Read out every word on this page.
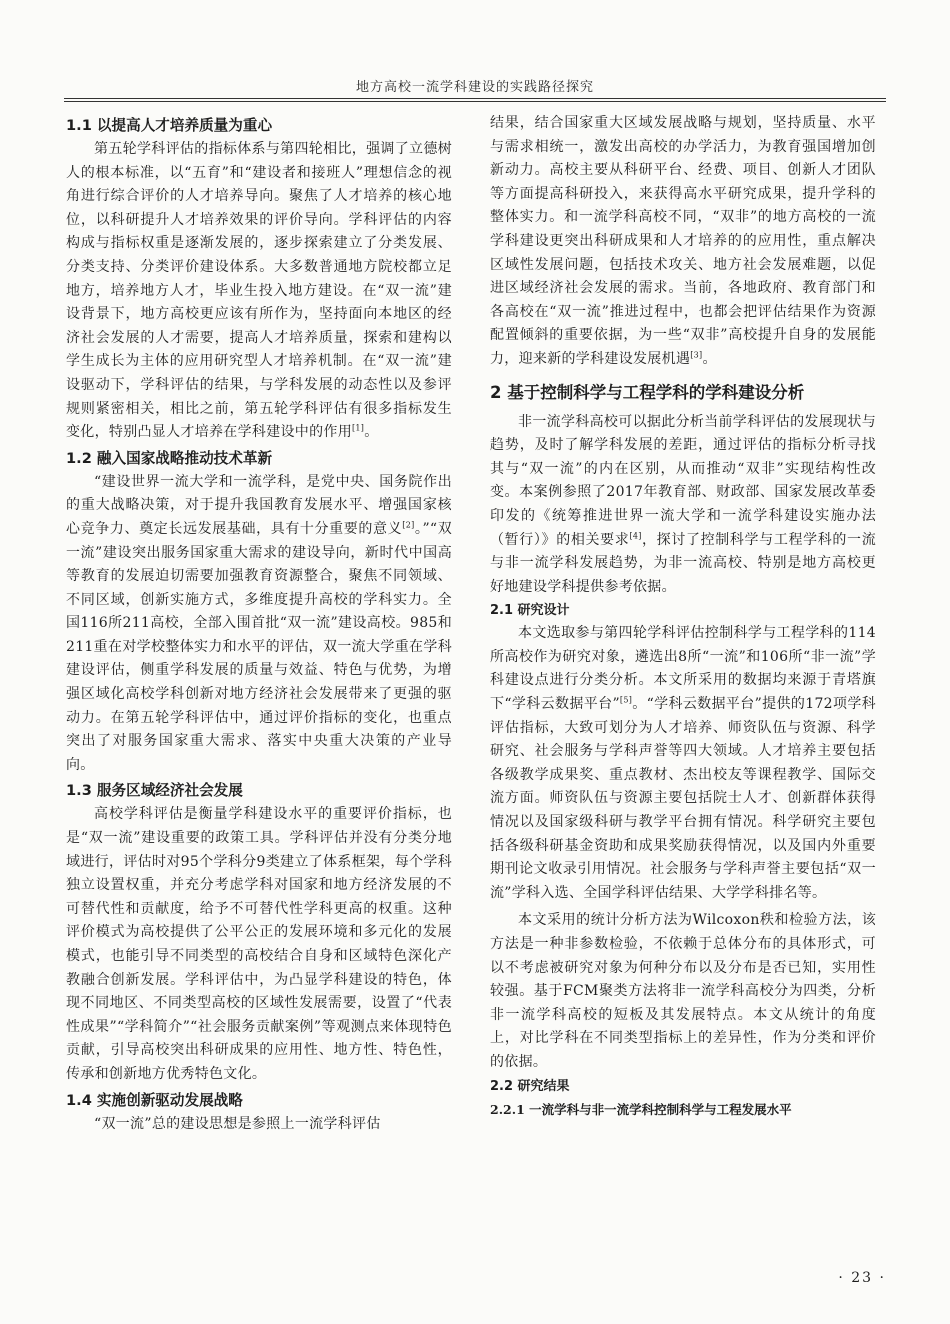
地方高校一流学科建设的实践路径探究
1.1 以提高人才培养质量为重心

第五轮学科评估的指标体系与第四轮相比，强调了立德树人的根本标准，以“五育”和“建设者和接班人”理想信念的视角进行综合评价的人才培养导向。聚焦了人才培养的核心地位，以科研提升人才培养效果的评价导向。学科评估的内容构成与指标权重是逐渐发展的，逐步探索建立了分类发展、分类支持、分类评价建设体系。大多数普通地方院校都立足地方，培养地方人才，毕业生投入地方建设。在“双一流”建设背景下，地方高校更应该有所作为，坚持面向本地区的经济社会发展的人才需要，提高人才培养质量，探索和建构以学生成长为主体的应用研究型人才培养机制。在“双一流”建设驱动下，学科评估的结果，与学科发展的动态性以及参评规则紧密相关，相比之前，第五轮学科评估有很多指标发生变化，特别凸显人才培养在学科建设中的作用[1]。

1.2 融入国家战略推动技术革新

“建设世界一流大学和一流学科，是党中央、国务院作出的重大战略决策，对于提升我国教育发展水平、增强国家核心竞争力、奠定长远发展基础，具有十分重要的意义[2]。”“双一流”建设突出服务国家重大需求的建设导向，新时代中国高等教育的发展迫切需要加强教育资源整合，聚焦不同领域、不同区域，创新实施方式，多维度提升高校的学科实力。全国116所211高校，全部入围首批“双一流”建设高校。985和211重在对学校整体实力和水平的评估，双一流大学重在学科建设评估，侧重学科发展的质量与效益、特色与优势，为增强区域化高校学科创新对地方经济社会发展带来了更强的驱动力。在第五轮学科评估中，通过评价指标的变化，也重点突出了对服务国家重大需求、落实中央重大决策的产业导向。

1.3 服务区域经济社会发展

高校学科评估是衡量学科建设水平的重要评价指标，也是“双一流”建设重要的政策工具。学科评估并没有分类分地域进行，评估时对95个学科分9类建立了体系框架，每个学科独立设置权重，并充分考虑学科对国家和地方经济发展的不可替代性和贡献度，给予不可替代性学科更高的权重。这种评价模式为高校提供了公平公正的发展环境和多元化的发展模式，也能引导不同类型的高校结合自身和区域特色深化产教融合创新发展。学科评估中，为凸显学科建设的特色，体现不同地区、不同类型高校的区域性发展需要，设置了“代表性成果”“学科简介”“社会服务贡献案例”等观测点来体现特色贡献，引导高校突出科研成果的应用性、地方性、特色性，传承和创新地方优秀特色文化。

1.4 实施创新驱动发展战略

“双一流”总的建设思想是参照上一流学科评估

结果，结合国家重大区域发展战略与规划，坚持质量、水平与需求相统一，激发出高校的办学活力，为教育强国增加创新动力。高校主要从科研平台、经费、项目、创新人才团队等方面提高科研投入，来获得高水平研究成果，提升学科的整体实力。和一流学科高校不同，“双非”的地方高校的一流学科建设更突出科研成果和人才培养的的应用性，重点解决区域性发展问题，包括技术攻关、地方社会发展难题，以促进区域经济社会发展的需求。当前，各地政府、教育部门和各高校在“双一流”推进过程中，也都会把评估结果作为资源配置倾斜的重要依据，为一些“双非”高校提升自身的发展能力，迎来新的学科建设发展机遇[3]。

2 基于控制科学与工程学科的学科建设分析

非一流学科高校可以据此分析当前学科评估的发展现状与趋势，及时了解学科发展的差距，通过评估的指标分析寻找其与“双一流”的内在区别，从而推动“双非”实现结构性改变。本案例参照了2017年教育部、财政部、国家发展改革委印发的《统筹推进世界一流大学和一流学科建设实施办法（暂行）》的相关要求[4]，探讨了控制科学与工程学科的一流与非一流学科发展趋势，为非一流高校、特别是地方高校更好地建设学科提供参考依据。

2.1 研究设计

本文选取参与第四轮学科评估控制科学与工程学科的114所高校作为研究对象，遴选出8所“一流”和106所“非一流”学科建设点进行分类分析。本文所采用的数据均来源于青塔旗下“学科云数据平台”[5]。“学科云数据平台”提供的172项学科评估指标，大致可划分为人才培养、师资队伍与资源、科学研究、社会服务与学科声誉等四大领域。人才培养主要包括各级教学成果奖、重点教材、杰出校友等课程教学、国际交流方面。师资队伍与资源主要包括院士人才、创新群体获得情况以及国家级科研与教学平台拥有情况。科学研究主要包括各级科研基金资助和成果奖励获得情况，以及国内外重要期刊论文收录引用情况。社会服务与学科声誉主要包括“双一流”学科入选、全国学科评估结果、大学学科排名等。

本文采用的统计分析方法为Wilcoxon秩和检验方法，该方法是一种非参数检验，不依赖于总体分布的具体形式，可以不考虑被研究对象为何种分布以及分布是否已知，实用性较强。基于FCM聚类方法将非一流学科高校分为四类，分析非一流学科高校的短板及其发展特点。本文从统计的角度上，对比学科在不同类型指标上的差异性，作为分类和评价的依据。

2.2 研究结果
2.2.1 一流学科与非一流学科控制科学与工程发展水平
· 23 ·
